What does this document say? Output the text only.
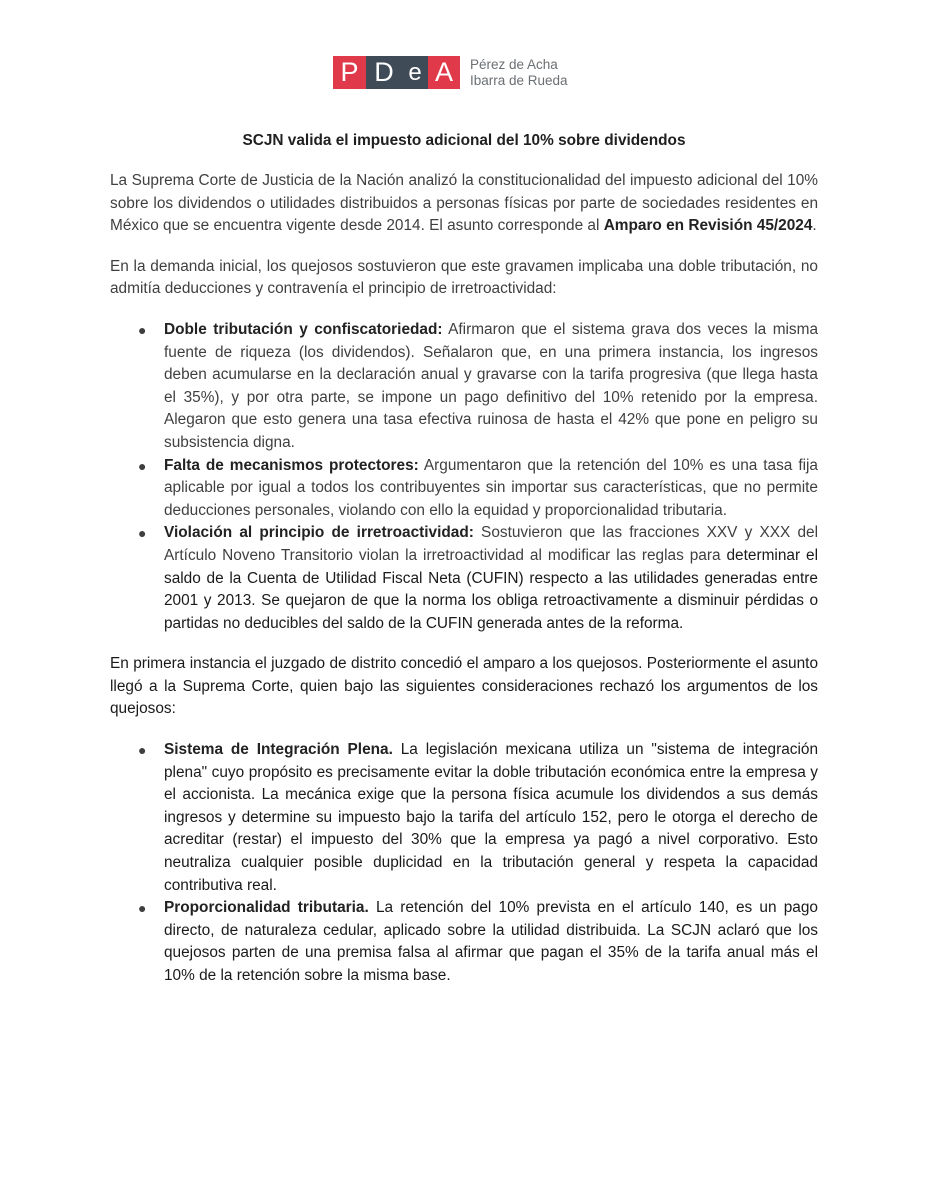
P D e A	Pérez de Acha
Ibarra de Rueda
SCJN valida el impuesto adicional del 10% sobre dividendos

La Suprema Corte de Justicia de la Nación analizó la constitucionalidad del impuesto adicional del 10% sobre los dividendos o utilidades distribuidos a personas físicas por parte de sociedades residentes en México que se encuentra vigente desde 2014. El asunto corresponde al Amparo en Revisión 45/2024.

En la demanda inicial, los quejosos sostuvieron que este gravamen implicaba una doble tributación, no admitía deducciones y contravenía el principio de irretroactividad:

● Doble tributación y confiscatoriedad: Afirmaron que el sistema grava dos veces la misma fuente de riqueza (los dividendos). Señalaron que, en una primera instancia, los ingresos deben acumularse en la declaración anual y gravarse con la tarifa progresiva (que llega hasta el 35%), y por otra parte, se impone un pago definitivo del 10% retenido por la empresa. Alegaron que esto genera una tasa efectiva ruinosa de hasta el 42% que pone en peligro su subsistencia digna.
● Falta de mecanismos protectores: Argumentaron que la retención del 10% es una tasa fija aplicable por igual a todos los contribuyentes sin importar sus características, que no permite deducciones personales, violando con ello la equidad y proporcionalidad tributaria.
● Violación al principio de irretroactividad: Sostuvieron que las fracciones XXV y XXX del Artículo Noveno Transitorio violan la irretroactividad al modificar las reglas para determinar el saldo de la Cuenta de Utilidad Fiscal Neta (CUFIN) respecto a las utilidades generadas entre 2001 y 2013. Se quejaron de que la norma los obliga retroactivamente a disminuir pérdidas o partidas no deducibles del saldo de la CUFIN generada antes de la reforma.

En primera instancia el juzgado de distrito concedió el amparo a los quejosos. Posteriormente el asunto llegó a la Suprema Corte, quien bajo las siguientes consideraciones rechazó los argumentos de los quejosos:

● Sistema de Integración Plena. La legislación mexicana utiliza un "sistema de integración plena" cuyo propósito es precisamente evitar la doble tributación económica entre la empresa y el accionista. La mecánica exige que la persona física acumule los dividendos a sus demás ingresos y determine su impuesto bajo la tarifa del artículo 152, pero le otorga el derecho de acreditar (restar) el impuesto del 30% que la empresa ya pagó a nivel corporativo. Esto neutraliza cualquier posible duplicidad en la tributación general y respeta la capacidad contributiva real.
● Proporcionalidad tributaria. La retención del 10% prevista en el artículo 140, es un pago directo, de naturaleza cedular, aplicado sobre la utilidad distribuida. La SCJN aclaró que los quejosos parten de una premisa falsa al afirmar que pagan el 35% de la tarifa anual más el 10% de la retención sobre la misma base.
